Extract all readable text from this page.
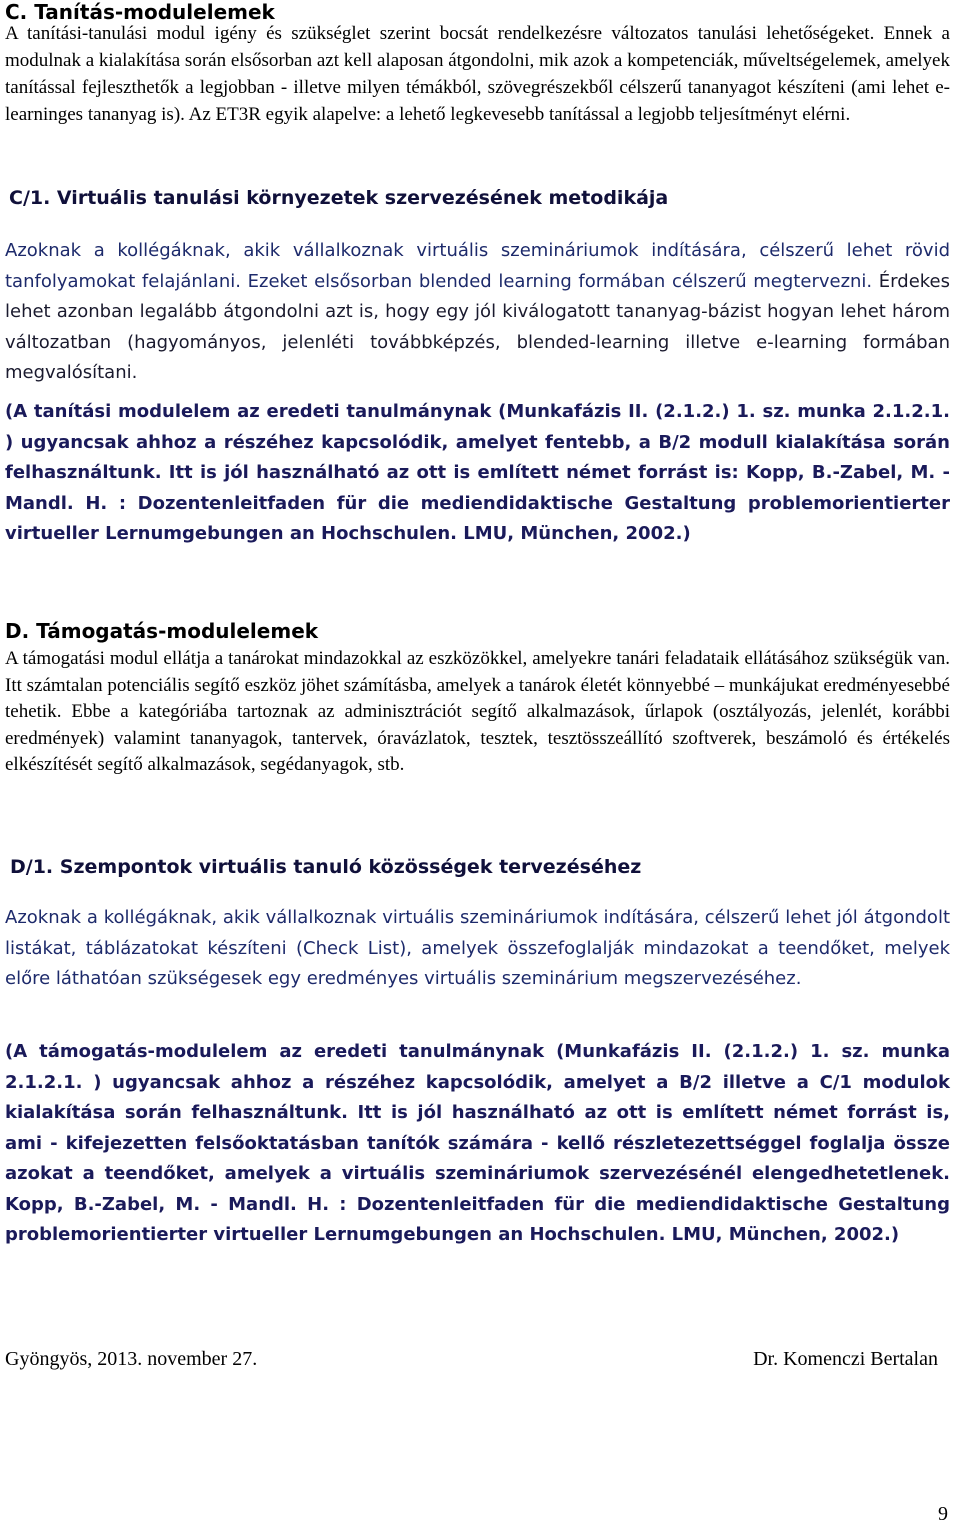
C. Tanítás-modulelemek

A tanítási-tanulási modul igény és szükséglet szerint bocsát rendelkezésre változatos tanulási lehetőségeket. Ennek a modulnak a kialakítása során elsősorban azt kell alaposan átgondolni, mik azok a kompetenciák, műveltségelemek, amelyek tanítással fejleszthetők a legjobban - illetve milyen témákból, szövegrészekből célszerű tananyagot készíteni (ami lehet e-learninges tananyag is). Az ET3R egyik alapelve: a lehető legkevesebb tanítással a legjobb teljesítményt elérni.

C/1. Virtuális tanulási környezetek szervezésének metodikája

Azoknak a kollégáknak, akik vállalkoznak virtuális szemináriumok indítására, célszerű lehet rövid tanfolyamokat felajánlani. Ezeket elsősorban blended learning formában célszerű megtervezni. Érdekes lehet azonban legalább átgondolni azt is, hogy egy jól kiválogatott tananyag-bázist hogyan lehet három változatban (hagyományos, jelenléti továbbképzés, blended-learning illetve e-learning formában megvalósítani.

(A tanítási modulelem az eredeti tanulmánynak (Munkafázis II. (2.1.2.) 1. sz. munka 2.1.2.1. ) ugyancsak ahhoz a részéhez kapcsolódik, amelyet fentebb, a B/2 modull kialakítása során felhasználtunk. Itt is jól használható az ott is említett német forrást is: Kopp, B.-Zabel, M. - Mandl. H. : Dozentenleitfaden für die mediendidaktische Gestaltung problemorientierter virtueller Lernumgebungen an Hochschulen. LMU, München, 2002.)

D. Támogatás-modulelemek

A támogatási modul ellátja a tanárokat mindazokkal az eszközökkel, amelyekre tanári feladataik ellátásához szükségük van. Itt számtalan potenciális segítő eszköz jöhet számításba, amelyek a tanárok életét könnyebbé – munkájukat eredményesebbé tehetik. Ebbe a kategóriába tartoznak az adminisztrációt segítő alkalmazások, űrlapok (osztályozás, jelenlét, korábbi eredmények) valamint tananyagok, tantervek, óravázlatok, tesztek, tesztösszeállító szoftverek, beszámoló és értékelés elkészítését segítő alkalmazások, segédanyagok, stb.

D/1. Szempontok virtuális tanuló közösségek tervezéséhez

Azoknak a kollégáknak, akik vállalkoznak virtuális szemináriumok indítására, célszerű lehet jól átgondolt listákat, táblázatokat készíteni (Check List), amelyek összefoglalják mindazokat a teendőket, melyek előre láthatóan szükségesek egy eredményes virtuális szeminárium megszervezéséhez.

(A támogatás-modulelem az eredeti tanulmánynak (Munkafázis II. (2.1.2.) 1. sz. munka 2.1.2.1. ) ugyancsak ahhoz a részéhez kapcsolódik, amelyet a B/2 illetve a C/1 modulok kialakítása során felhasználtunk. Itt is jól használható az ott is említett német forrást is, ami - kifejezetten felsőoktatásban tanítók számára - kellő részletezettséggel foglalja össze azokat a teendőket, amelyek a virtuális szemináriumok szervezésénél elengedhetetlenek. Kopp, B.-Zabel, M. - Mandl. H. : Dozentenleitfaden für die mediendidaktische Gestaltung problemorientierter virtueller Lernumgebungen an Hochschulen. LMU, München, 2002.)

Gyöngyös, 2013. november 27.	Dr. Komenczi Bertalan
9
